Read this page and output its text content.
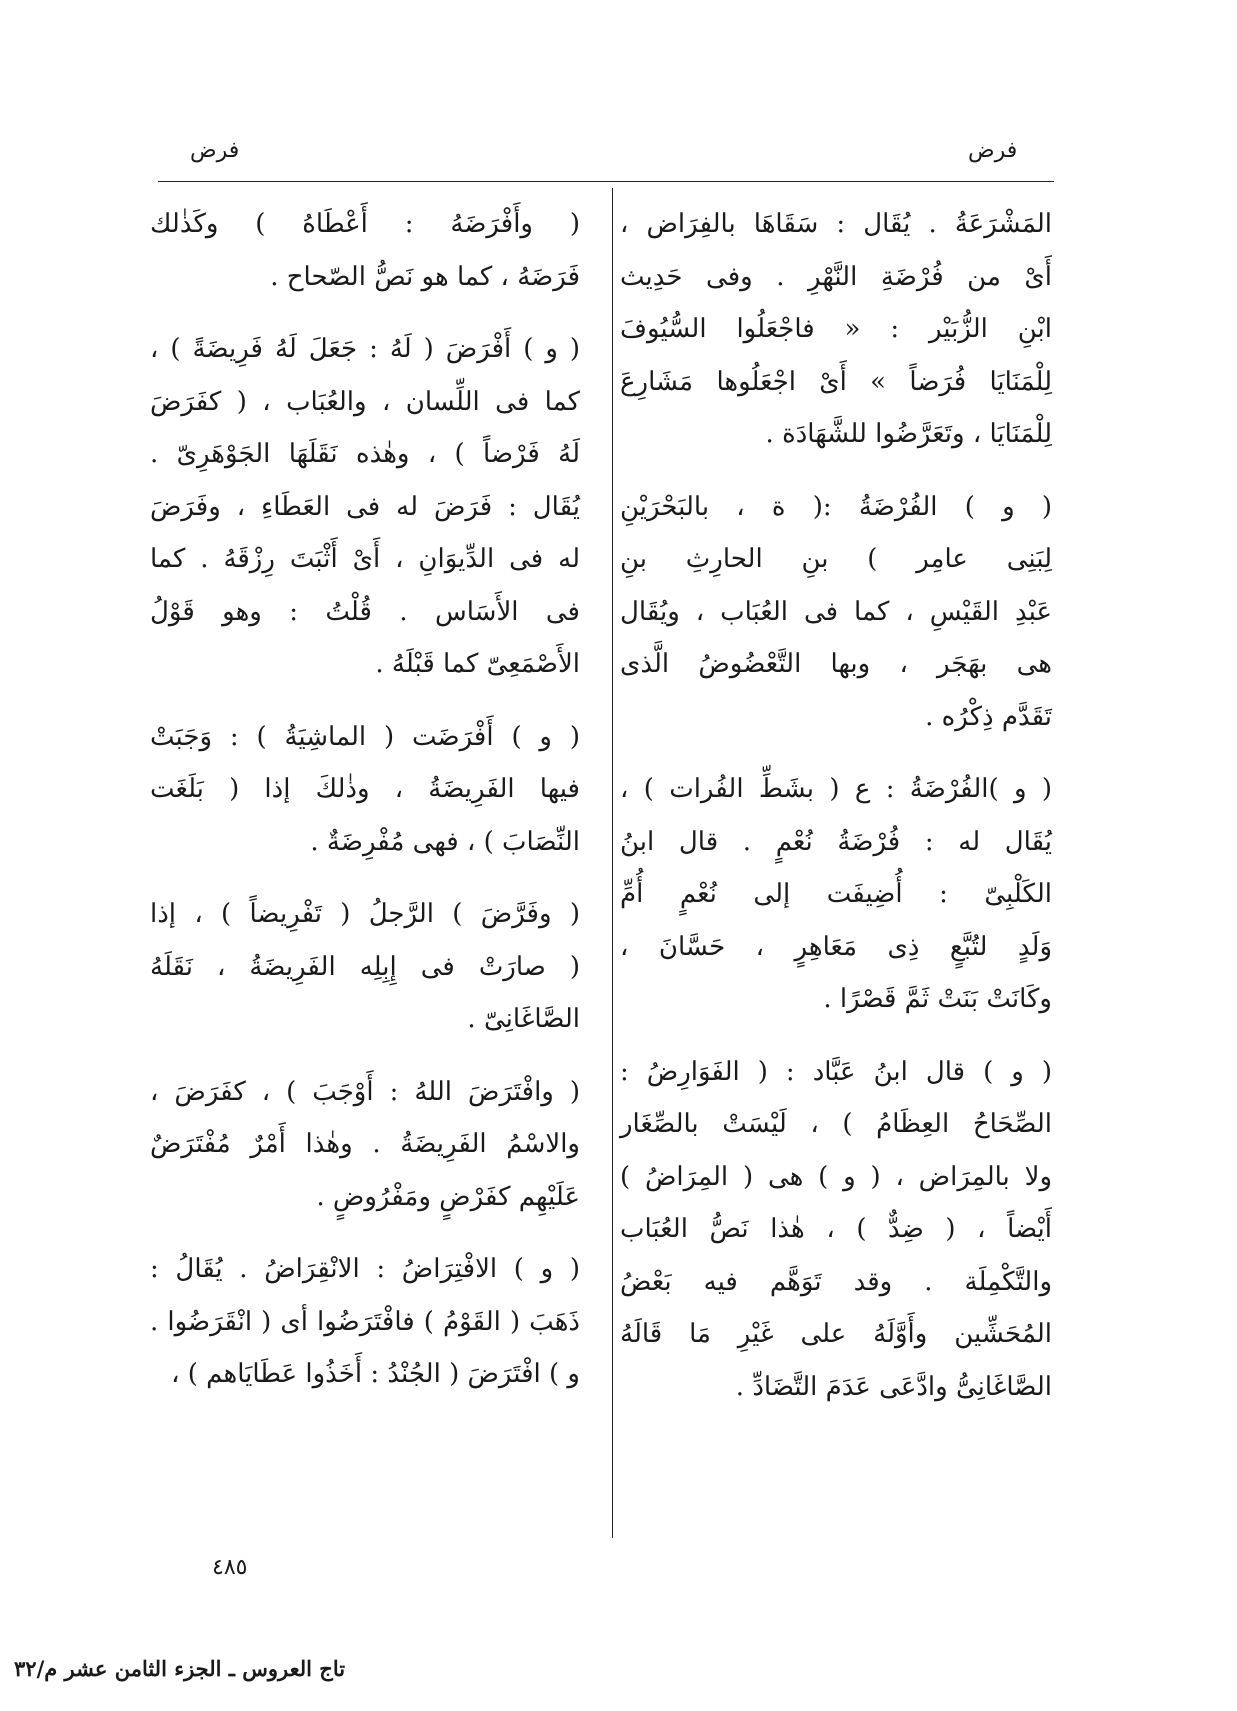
فرض
فرض
المَشْرَعَةُ . يُقَال : سَقَاهَا بالفِرَاض ،
أَىْ من فُرْضَةِ النَّهْرِ . وفى حَدِيث
ابْنِ الزُّبَيْر : « فاجْعَلُوا السُّيُوفَ
لِلْمَنَايَا فُرَضاً » أَىْ اجْعَلُوها مَشَارِعَ
لِلْمَنَايَا ، وتَعَرَّضُوا للشَّهَادَة .
( و ) الفُرْضَةُ :( ة ، بالبَحْرَيْنِ
لِبَنِى عامِر ) بنِ الحارِثِ بنِ
عَبْدِ القَيْسِ ، كما فى العُبَاب ، ويُقَال
هى بهَجَر ، وبها التَّعْضُوضُ الَّذى
تَقَدَّم ذِكْرُه .
( و )الفُرْضَةُ : ع ( بشَطِّ الفُرات ) ،
يُقَال له : فُرْضَةُ نُعْمٍ . قال ابنُ
الكَلْبِىّ : أُضِيفَت إلى نُعْمٍ أُمِّ
وَلَدٍ لتُبَّعٍ ذِى مَعَاهِرٍ ، حَسَّانَ ،
وكَانَتْ بَنَتْ ثَمَّ قَصْرًا .
( و ) قال ابنُ عَبَّاد : ( الفَوَارِضُ :
الصِّحَاحُ العِظَامُ ) ، لَيْسَتْ بالصِّغَار
ولا بالمِرَاض ، ( و ) هى ( المِرَاضُ )
أَيْضاً ، ( ضِدٌّ ) ، هٰذا نَصُّ العُبَاب
والتَّكْمِلَة . وقد تَوَهَّم فيه بَعْضُ
المُحَشِّين وأَوَّلَهُ على غَيْرِ مَا قَالَهُ
الصَّاغَانِىُّ وادَّعَى عَدَمَ التَّضَادِّ .
( وأَفْرَضَهُ : أَعْطَاهُ ) وكَذٰلك
فَرَضَهُ ، كما هو نَصُّ الصّحاح .
( و ) أَفْرَضَ ( لَهُ : جَعَلَ لَهُ فَرِيضَةً ) ،
كما فى اللِّسان ، والعُبَاب ، ( كفَرَضَ
لَهُ فَرْضاً ) ، وهٰذه نَقَلَهَا الجَوْهَرِىّ .
يُقَال : فَرَضَ له فى العَطَاءِ ، وفَرَضَ
له فى الدِّيوَانِ ، أَىْ أَثْبَتَ رِزْقَهُ . كما
فى الأَسَاس . قُلْتُ : وهو قَوْلُ
الأَصْمَعِىّ كما قَبْلَهُ .
( و ) أَفْرَضَت ( الماشِيَةُ ) : وَجَبَتْ
فيها الفَرِيضَةُ ، وذٰلكَ إذا ( بَلَغَت
النِّصَابَ ) ، فهى مُفْرِضَةٌ .
( وفَرَّضَ ) الرَّجلُ ( تَفْرِيضاً ) ، إذا
( صارَتْ فى إِبِلِه الفَرِيضَةُ ، نَقَلَهُ
الصَّاغَانِىّ .
( وافْتَرَضَ اللهُ : أَوْجَبَ ) ، كفَرَضَ ،
والاسْمُ الفَرِيضَةُ . وهٰذا أَمْرٌ مُفْتَرَضٌ
عَلَيْهِم كفَرْضٍ ومَفْرُوضٍ .
( و ) الافْتِرَاضُ : الانْقِرَاضُ . يُقَالُ :
ذَهَبَ ( القَوْمُ ) فافْتَرَضُوا أى ( انْقَرَضُوا .
و ) افْتَرَضَ ( الجُنْدُ : أَخَذُوا عَطَايَاهم ) ،
٤٨٥
تاج العروس ـ الجزء الثامن عشر م/٣٢
